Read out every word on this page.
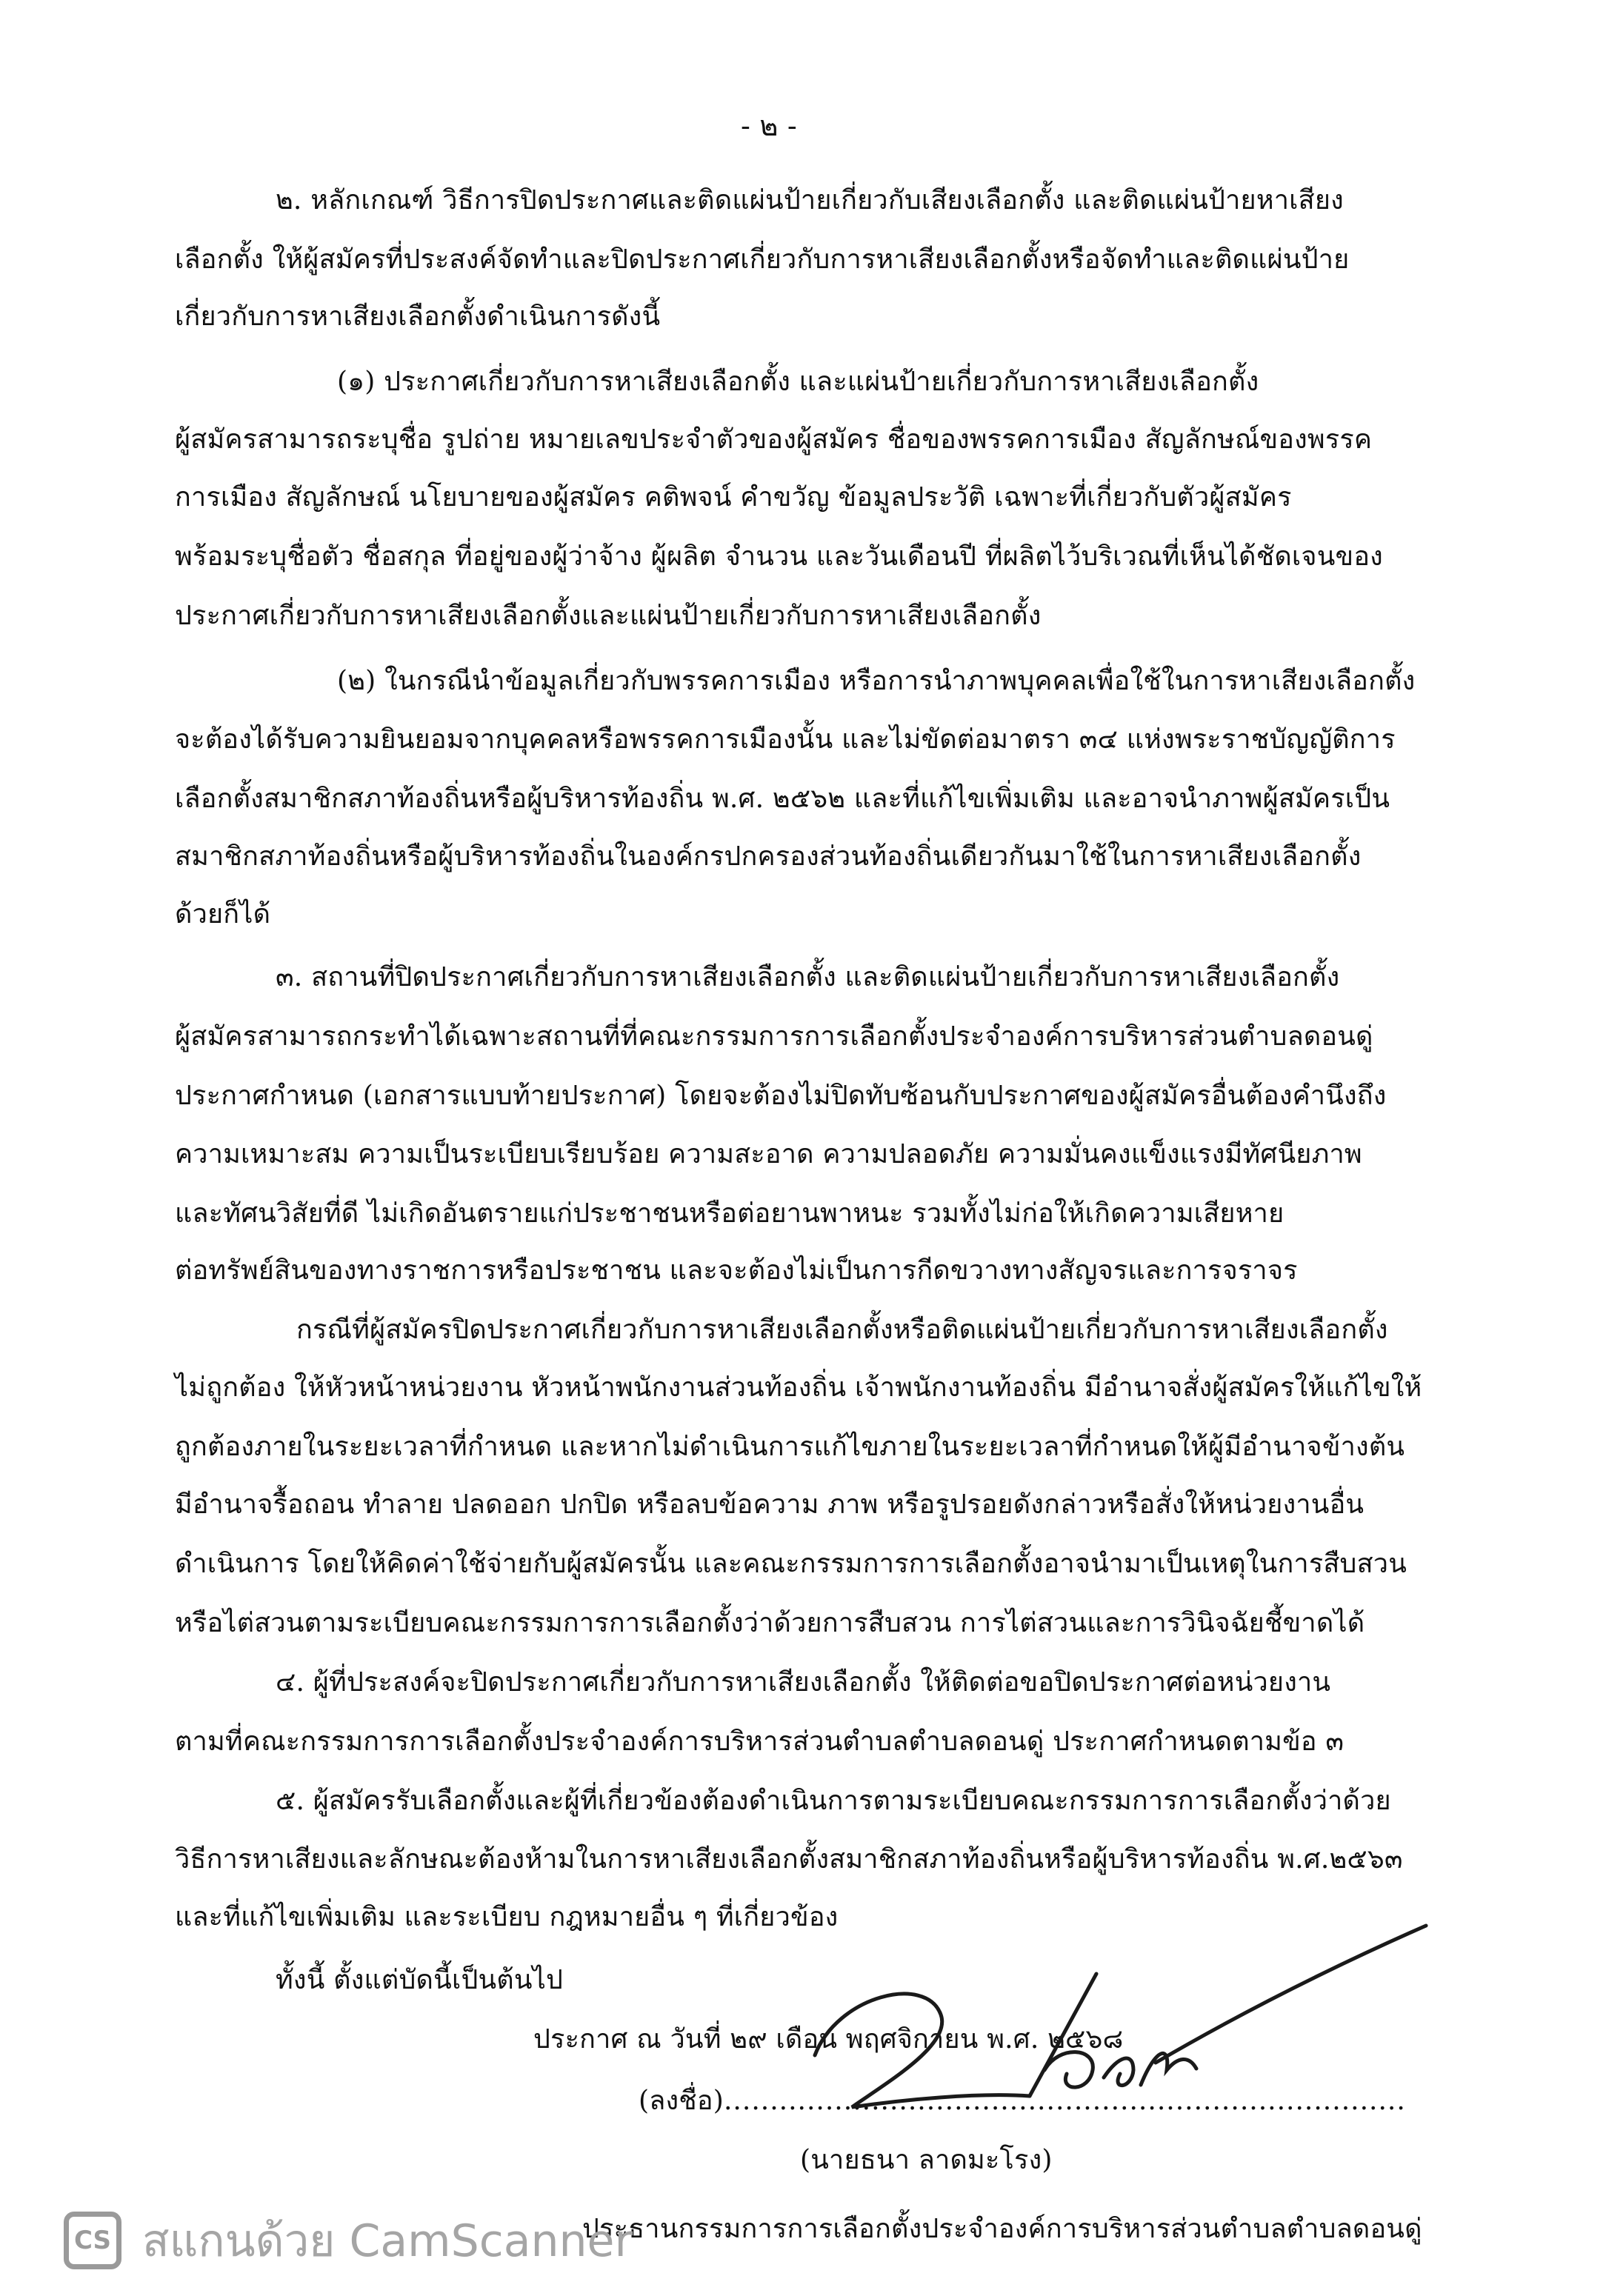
- ๒ -

๒. หลักเกณฑ์ วิธีการปิดประกาศและติดแผ่นป้ายเกี่ยวกับเสียงเลือกตั้ง และติดแผ่นป้ายหาเสียง

เลือกตั้ง ให้ผู้สมัครที่ประสงค์จัดทำและปิดประกาศเกี่ยวกับการหาเสียงเลือกตั้งหรือจัดทำและติดแผ่นป้าย

เกี่ยวกับการหาเสียงเลือกตั้งดำเนินการดังนี้

(๑) ประกาศเกี่ยวกับการหาเสียงเลือกตั้ง และแผ่นป้ายเกี่ยวกับการหาเสียงเลือกตั้ง

ผู้สมัครสามารถระบุชื่อ รูปถ่าย หมายเลขประจำตัวของผู้สมัคร ชื่อของพรรคการเมือง สัญลักษณ์ของพรรค

การเมือง สัญลักษณ์ นโยบายของผู้สมัคร คติพจน์ คำขวัญ ข้อมูลประวัติ เฉพาะที่เกี่ยวกับตัวผู้สมัคร

พร้อมระบุชื่อตัว ชื่อสกุล ที่อยู่ของผู้ว่าจ้าง ผู้ผลิต จำนวน และวันเดือนปี ที่ผลิตไว้บริเวณที่เห็นได้ชัดเจนของ

ประกาศเกี่ยวกับการหาเสียงเลือกตั้งและแผ่นป้ายเกี่ยวกับการหาเสียงเลือกตั้ง

(๒) ในกรณีนำข้อมูลเกี่ยวกับพรรคการเมือง หรือการนำภาพบุคคลเพื่อใช้ในการหาเสียงเลือกตั้ง

จะต้องได้รับความยินยอมจากบุคคลหรือพรรคการเมืองนั้น และไม่ขัดต่อมาตรา ๓๔ แห่งพระราชบัญญัติการ

เลือกตั้งสมาชิกสภาท้องถิ่นหรือผู้บริหารท้องถิ่น พ.ศ. ๒๕๖๒ และที่แก้ไขเพิ่มเติม และอาจนำภาพผู้สมัครเป็น

สมาชิกสภาท้องถิ่นหรือผู้บริหารท้องถิ่นในองค์กรปกครองส่วนท้องถิ่นเดียวกันมาใช้ในการหาเสียงเลือกตั้ง

ด้วยก็ได้

๓. สถานที่ปิดประกาศเกี่ยวกับการหาเสียงเลือกตั้ง และติดแผ่นป้ายเกี่ยวกับการหาเสียงเลือกตั้ง

ผู้สมัครสามารถกระทำได้เฉพาะสถานที่ที่คณะกรรมการการเลือกตั้งประจำองค์การบริหารส่วนตำบลดอนดู่

ประกาศกำหนด (เอกสารแบบท้ายประกาศ) โดยจะต้องไม่ปิดทับซ้อนกับประกาศของผู้สมัครอื่นต้องคำนึงถึง

ความเหมาะสม ความเป็นระเบียบเรียบร้อย ความสะอาด ความปลอดภัย ความมั่นคงแข็งแรงมีทัศนียภาพ

และทัศนวิสัยที่ดี ไม่เกิดอันตรายแก่ประชาชนหรือต่อยานพาหนะ รวมทั้งไม่ก่อให้เกิดความเสียหาย

ต่อทรัพย์สินของทางราชการหรือประชาชน และจะต้องไม่เป็นการกีดขวางทางสัญจรและการจราจร

กรณีที่ผู้สมัครปิดประกาศเกี่ยวกับการหาเสียงเลือกตั้งหรือติดแผ่นป้ายเกี่ยวกับการหาเสียงเลือกตั้ง

ไม่ถูกต้อง ให้หัวหน้าหน่วยงาน หัวหน้าพนักงานส่วนท้องถิ่น เจ้าพนักงานท้องถิ่น มีอำนาจสั่งผู้สมัครให้แก้ไขให้

ถูกต้องภายในระยะเวลาที่กำหนด และหากไม่ดำเนินการแก้ไขภายในระยะเวลาที่กำหนดให้ผู้มีอำนาจข้างต้น

มีอำนาจรื้อถอน ทำลาย ปลดออก ปกปิด หรือลบข้อความ ภาพ หรือรูปรอยดังกล่าวหรือสั่งให้หน่วยงานอื่น

ดำเนินการ โดยให้คิดค่าใช้จ่ายกับผู้สมัครนั้น และคณะกรรมการการเลือกตั้งอาจนำมาเป็นเหตุในการสืบสวน

หรือไต่สวนตามระเบียบคณะกรรมการการเลือกตั้งว่าด้วยการสืบสวน การไต่สวนและการวินิจฉัยชี้ขาดได้

๔. ผู้ที่ประสงค์จะปิดประกาศเกี่ยวกับการหาเสียงเลือกตั้ง ให้ติดต่อขอปิดประกาศต่อหน่วยงาน

ตามที่คณะกรรมการการเลือกตั้งประจำองค์การบริหารส่วนตำบลตำบลดอนดู่ ประกาศกำหนดตามข้อ ๓

๕. ผู้สมัครรับเลือกตั้งและผู้ที่เกี่ยวข้องต้องดำเนินการตามระเบียบคณะกรรมการการเลือกตั้งว่าด้วย

วิธีการหาเสียงและลักษณะต้องห้ามในการหาเสียงเลือกตั้งสมาชิกสภาท้องถิ่นหรือผู้บริหารท้องถิ่น พ.ศ.๒๕๖๓

และที่แก้ไขเพิ่มเติม และระเบียบ กฎหมายอื่น ๆ ที่เกี่ยวข้อง

ทั้งนี้ ตั้งแต่บัดนี้เป็นต้นไป

ประกาศ ณ วันที่ ๒๙ เดือน พฤศจิกายน พ.ศ. ๒๕๖๘

(ลงชื่อ)..........................................................................

(นายธนา ลาดมะโรง)

ประธานกรรมการการเลือกตั้งประจำองค์การบริหารส่วนตำบลตำบลดอนดู่

CS สแกนด้วย CamScanner
